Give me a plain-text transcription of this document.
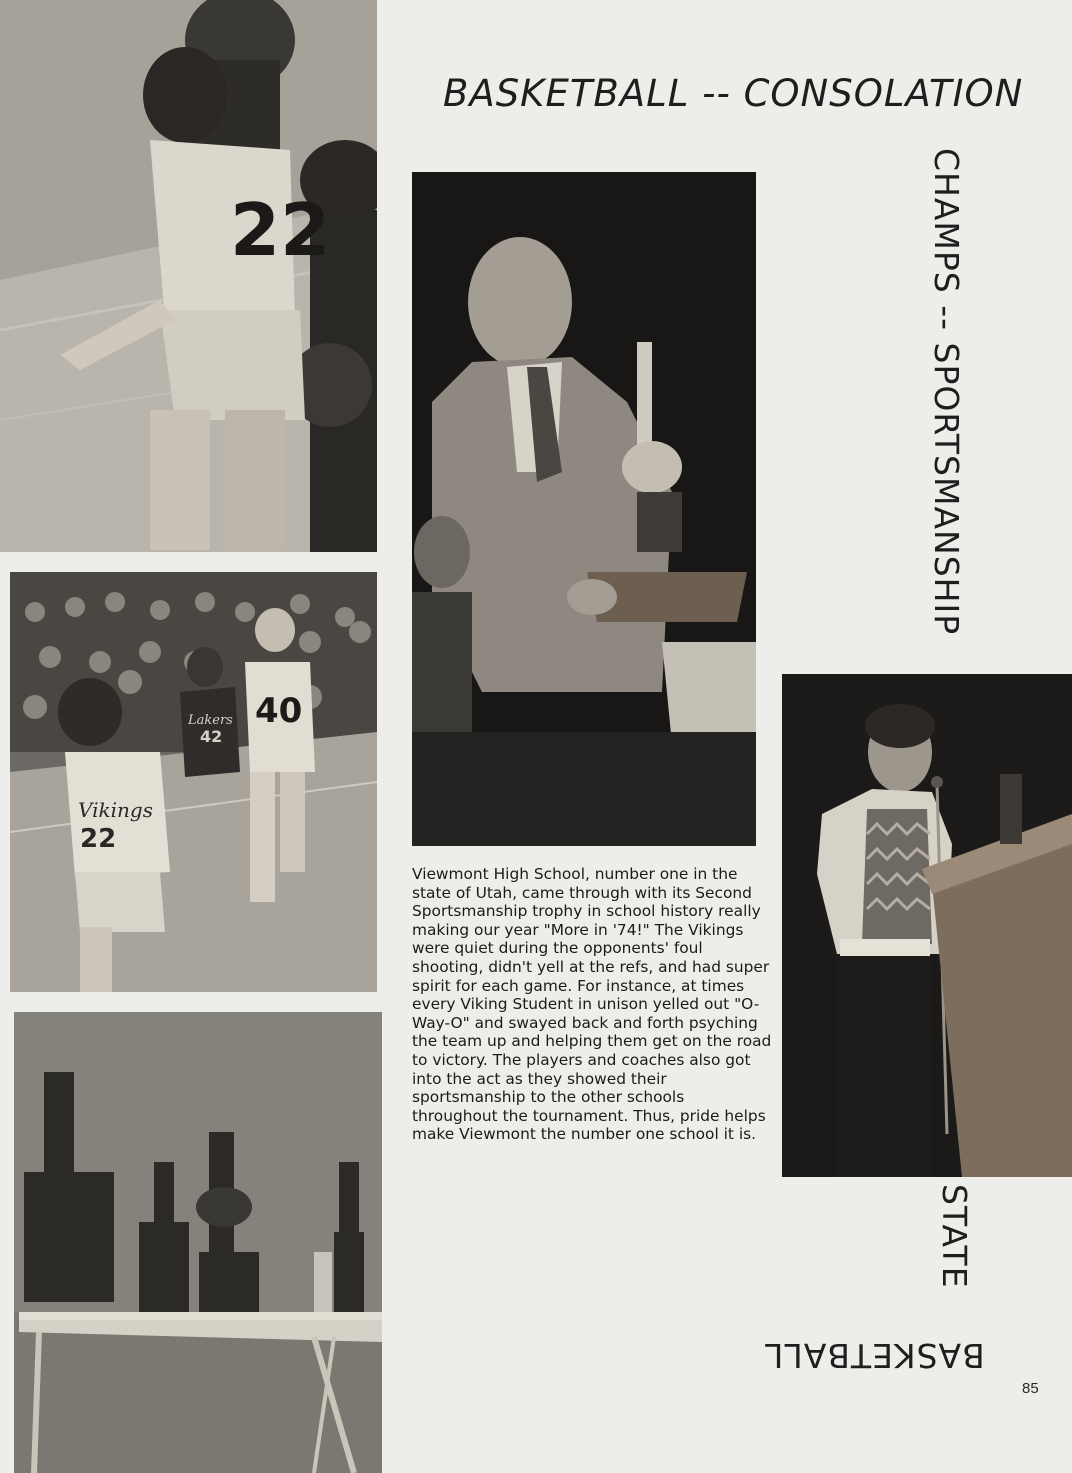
22
40
Lakers
42
Vikings
22
BASKETBALL -- CONSOLATION
CHAMPS -- SPORTSMANSHIP
STATE
BASKETBALL

Viewmont High School, number one in the state of Utah, came through with its Second Sportsmanship trophy in school history really making our year "More in '74!" The Vikings were quiet during the opponents' foul shooting, didn't yell at the refs, and had super spirit for each game. For instance, at times every Viking Student in unison yelled out "O-Way-O" and swayed back and forth psyching the team up and helping them get on the road to victory. The players and coaches also got into the act as they showed their sportsmanship to the other schools throughout the tournament. Thus, pride helps make Viewmont the number one school it is.

85
